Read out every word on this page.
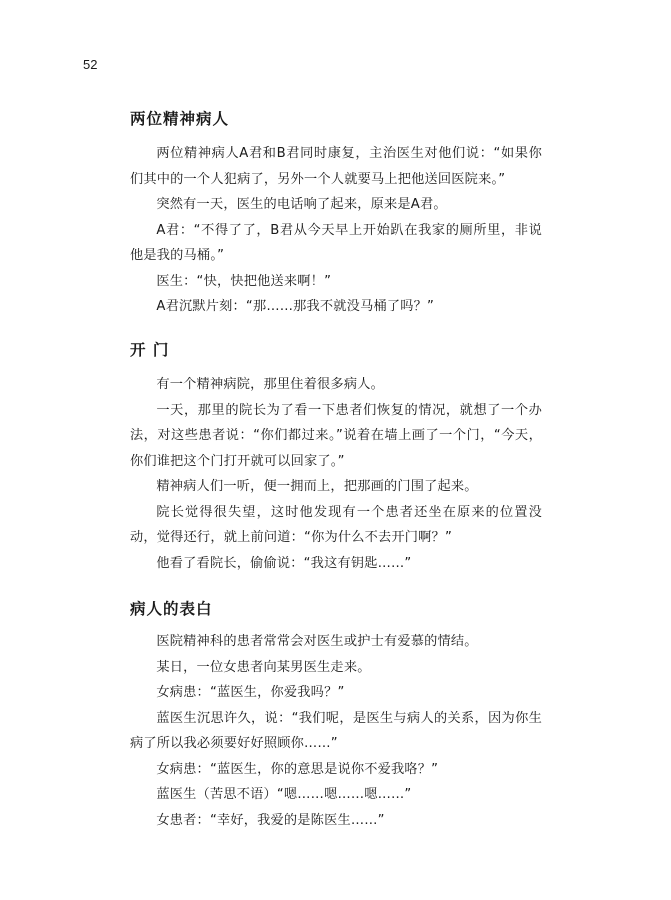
52
两位精神病人

两位精神病人A君和B君同时康复，主治医生对他们说：“如果你们其中的一个人犯病了，另外一个人就要马上把他送回医院来。”

突然有一天，医生的电话响了起来，原来是A君。

A君：“不得了了，B君从今天早上开始趴在我家的厕所里，非说他是我的马桶。”

医生：“快，快把他送来啊！”

A君沉默片刻：“那……那我不就没马桶了吗？”

开 门

有一个精神病院，那里住着很多病人。

一天，那里的院长为了看一下患者们恢复的情况，就想了一个办法，对这些患者说：“你们都过来。”说着在墙上画了一个门，“今天，你们谁把这个门打开就可以回家了。”

精神病人们一听，便一拥而上，把那画的门围了起来。

院长觉得很失望，这时他发现有一个患者还坐在原来的位置没动，觉得还行，就上前问道：“你为什么不去开门啊？”

他看了看院长，偷偷说：“我这有钥匙……”

病人的表白

医院精神科的患者常常会对医生或护士有爱慕的情结。

某日，一位女患者向某男医生走来。

女病患：“蓝医生，你爱我吗？”

蓝医生沉思许久，说：“我们呢，是医生与病人的关系，因为你生病了所以我必须要好好照顾你……”

女病患：“蓝医生，你的意思是说你不爱我咯？”

蓝医生（苦思不语）“嗯……嗯……嗯……”

女患者：“幸好，我爱的是陈医生……”
